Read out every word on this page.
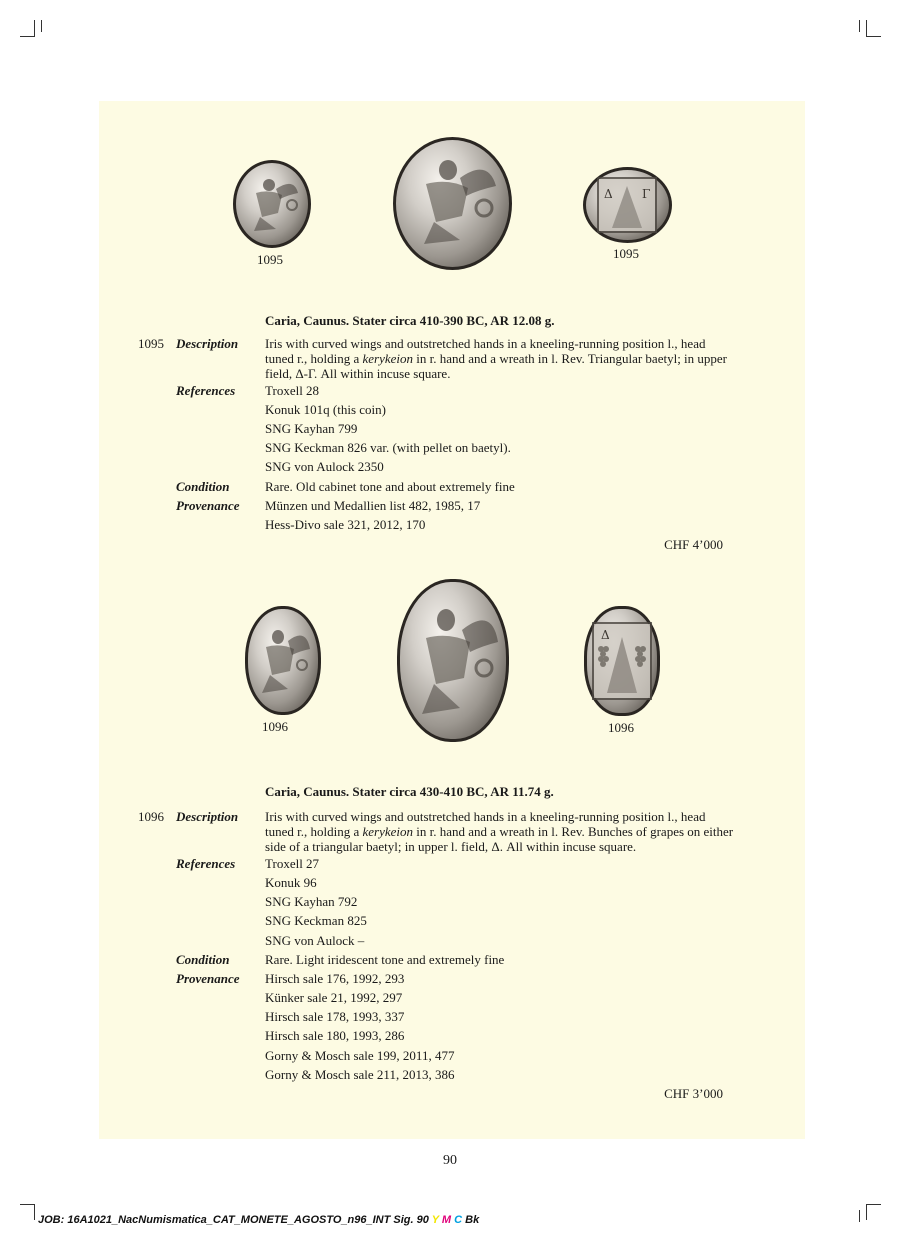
1095
Δ Γ
1095
Caria, Caunus. Stater circa 410-390 BC, AR 12.08 g.
1095 Description Iris with curved wings and outstretched hands in a kneeling-running position l., head tuned r., holding a kerykeion in r. hand and a wreath in l. Rev. Triangular baetyl; in upper field, Δ-Γ. All within incuse square.
References Troxell 28
Konuk 101q (this coin)
SNG Kayhan 799
SNG Keckman 826 var. (with pellet on baetyl).
SNG von Aulock 2350
Condition	Rare. Old cabinet tone and about extremely fine
Provenance Münzen und Medallien list 482, 1985, 17
Hess-Divo sale 321, 2012, 170
CHF 4’000
1096
Δ
1096
Caria, Caunus. Stater circa 430-410 BC, AR 11.74 g.
1096 Description Iris with curved wings and outstretched hands in a kneeling-running position l., head tuned r., holding a kerykeion in r. hand and a wreath in l. Rev. Bunches of grapes on either side of a triangular baetyl; in upper l. field, Δ. All within incuse square.
References Troxell 27
Konuk 96
SNG Kayhan 792
SNG Keckman 825
SNG von Aulock –
Condition	Rare. Light iridescent tone and extremely fine
Provenance Hirsch sale 176, 1992, 293
Künker sale 21, 1992, 297
Hirsch sale 178, 1993, 337
Hirsch sale 180, 1993, 286
Gorny & Mosch sale 199, 2011, 477
Gorny & Mosch sale 211, 2013, 386
CHF 3’000
90
JOB: 16A1021_NacNumismatica_CAT_MONETE_AGOSTO_n96_INT Sig. 90 Y M C Bk
